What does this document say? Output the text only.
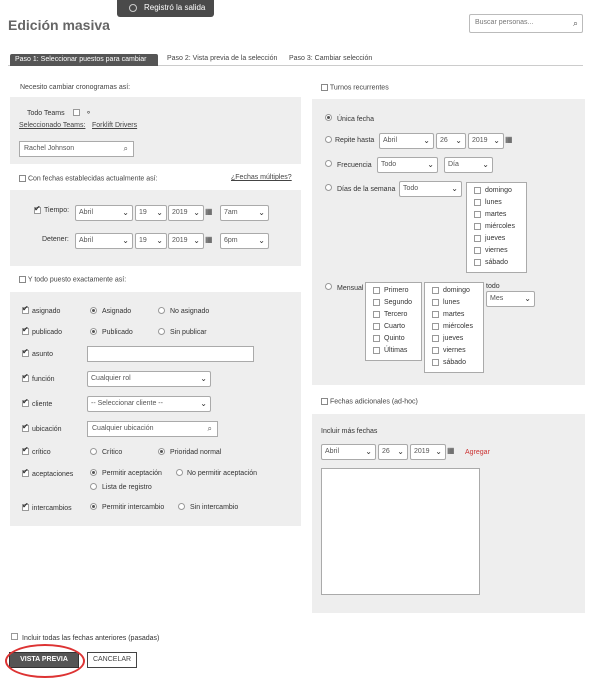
Edición masiva
Registró la salida
Buscar personas...	⌕
Paso 1: Seleccionar puestos para cambiar	Paso 2: Vista previa de la selección Paso 3: Cambiar selección
Necesito cambiar cronogramas así:
Todo Teams	∘
Seleccionado Teams: Forklift Drivers
Rachel Johnson	⌕
Con fechas establecidas actualmente así:	¿Fechas múltiples?
✔
Tiempo:	Abril	⌄	19 ⌄	2019 ⌄ ▦	7am	⌄
Detener:	Abril	⌄	19 ⌄	2019 ⌄ ▦	6pm	⌄
Y todo puesto exactamente así:
✔
asignado	Asignado	No asignado
✔
publicado	Publicado	Sin publicar
✔
asunto
✔
función	Cualquier rol	⌄
✔
cliente	-- Seleccionar cliente --	⌄
✔
ubicación	Cualquier ubicación	⌕
✔
crítico	Crítico	Prioridad normal
✔
aceptaciones	Permitir aceptación	No permitir aceptación
Lista de registro
✔
intercambios	Permitir intercambio	Sin intercambio
Turnos recurrentes
Única fecha
Repite hasta	Abril	⌄	26 ⌄	2019 ⌄ ▦
Frecuencia	Todo	⌄	Día	⌄
Días de la semana	Todo	⌄	domingo
lunes
martes
miércoles
jueves
viernes
sábado
Mensual	Primero
Segundo
Tercero
Cuarto
Quinto
Últimas
domingo
lunes
martes
miércoles
jueves
viernes
sábado
todo
Mes	⌄
Fechas adicionales (ad-hoc)
Incluir más fechas
Abril	⌄	26 ⌄	2019 ⌄ ▦ Agregar
Incluir todas las fechas anteriores (pasadas)
VISTA PREVIA	CANCELAR
